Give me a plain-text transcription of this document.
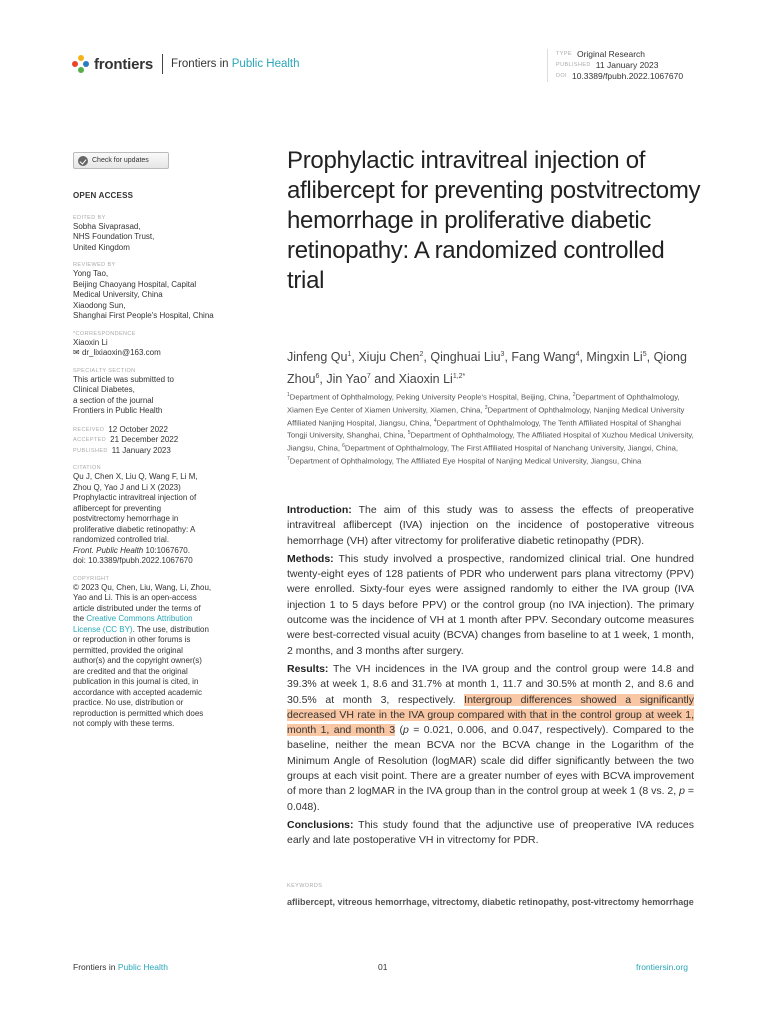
frontiers Frontiers in Public Health
TYPE Original Research
PUBLISHED 11 January 2023
DOI 10.3389/fpubh.2022.1067670
Check for updates
OPEN ACCESS
EDITED BY
Sobha Sivaprasad,
NHS Foundation Trust,
United Kingdom
REVIEWED BY
Yong Tao,
Beijing Chaoyang Hospital, Capital
Medical University, China
Xiaodong Sun,
Shanghai First People's Hospital, China
*CORRESPONDENCE
Xiaoxin Li
✉ dr_lixiaoxin@163.com
SPECIALTY SECTION
This article was submitted to
Clinical Diabetes,
a section of the journal
Frontiers in Public Health
RECEIVED 12 October 2022
ACCEPTED 21 December 2022
PUBLISHED 11 January 2023
CITATION
Qu J, Chen X, Liu Q, Wang F, Li M,
Zhou Q, Yao J and Li X (2023)
Prophylactic intravitreal injection of
aflibercept for preventing
postvitrectomy hemorrhage in
proliferative diabetic retinopathy: A
randomized controlled trial.
Front. Public Health 10:1067670.
doi: 10.3389/fpubh.2022.1067670
COPYRIGHT
© 2023 Qu, Chen, Liu, Wang, Li, Zhou,
Yao and Li. This is an open-access
article distributed under the terms of
the Creative Commons Attribution
License (CC BY). The use, distribution
or reproduction in other forums is
permitted, provided the original
author(s) and the copyright owner(s)
are credited and that the original
publication in this journal is cited, in
accordance with accepted academic
practice. No use, distribution or
reproduction is permitted which does
not comply with these terms.
Prophylactic intravitreal injection of aflibercept for preventing postvitrectomy hemorrhage in proliferative diabetic retinopathy: A randomized controlled trial
Jinfeng Qu$^1$, Xiuju Chen$^2$, Qinghuai Liu$^3$, Fang Wang$^4$, Mingxin Li$^5$, Qiong Zhou$^6$, Jin Yao$^7$ and Xiaoxin $Li^{1,2*}$
$^1$Department of Ophthalmology, Peking University People's Hospital, Beijing, China, $^2$Department of Ophthalmology, Xiamen Eye Center of Xiamen University, Xiamen, China, $^3$Department of Ophthalmology, Nanjing Medical University Affiliated Nanjing Hospital, Jiangsu, China, $^4$Department of Ophthalmology, The Tenth Affiliated Hospital of Shanghai Tongji University, Shanghai, China, $^5$Department of Ophthalmology, The Affiliated Hospital of Xuzhou Medical University, Jiangsu, China, $^6$Department of Ophthalmology, The First Affiliated Hospital of Nanchang University, Jiangxi, China, $^7$Department of Ophthalmology, The Affiliated Eye Hospital of Nanjing Medical University, Jiangsu, China

Introduction: The aim of this study was to assess the effects of preoperative intravitreal aflibercept (IVA) injection on the incidence of postoperative vitreous hemorrhage (VH) after vitrectomy for proliferative diabetic retinopathy (PDR).

Methods: This study involved a prospective, randomized clinical trial. One hundred twenty-eight eyes of 128 patients of PDR who underwent pars plana vitrectomy (PPV) were enrolled. Sixty-four eyes were assigned randomly to either the IVA group (IVA injection 1 to 5 days before PPV) or the control group (no IVA injection). The primary outcome was the incidence of VH at 1 month after PPV. Secondary outcome measures were best-corrected visual acuity (BCVA) changes from baseline to at 1 week, 1 month, 2 months, and 3 months after surgery.

Results: The VH incidences in the IVA group and the control group were 14.8 and 39.3% at week 1, 8.6 and 31.7% at month 1, 11.7 and 30.5% at month 2, and 8.6 and 30.5% at month 3, respectively. Intergroup differences showed a significantly decreased VH rate in the IVA group compared with that in the control group at week 1, month 1, and month 3 (p = 0.021, 0.006, and 0.047, respectively). Compared to the baseline, neither the mean BCVA nor the BCVA change in the Logarithm of the Minimum Angle of Resolution (logMAR) scale did differ significantly between the two groups at each visit point. There are a greater number of eyes with BCVA improvement of more than 2 logMAR in the IVA group than in the control group at week 1 (8 vs. 2, p = 0.048).

Conclusions: This study found that the adjunctive use of preoperative IVA reduces early and late postoperative VH in vitrectomy for PDR.

KEYWORDS
aflibercept, vitreous hemorrhage, vitrectomy, diabetic retinopathy, post-vitrectomy hemorrhage
Frontiers in Public Health	01	frontiersin.org
